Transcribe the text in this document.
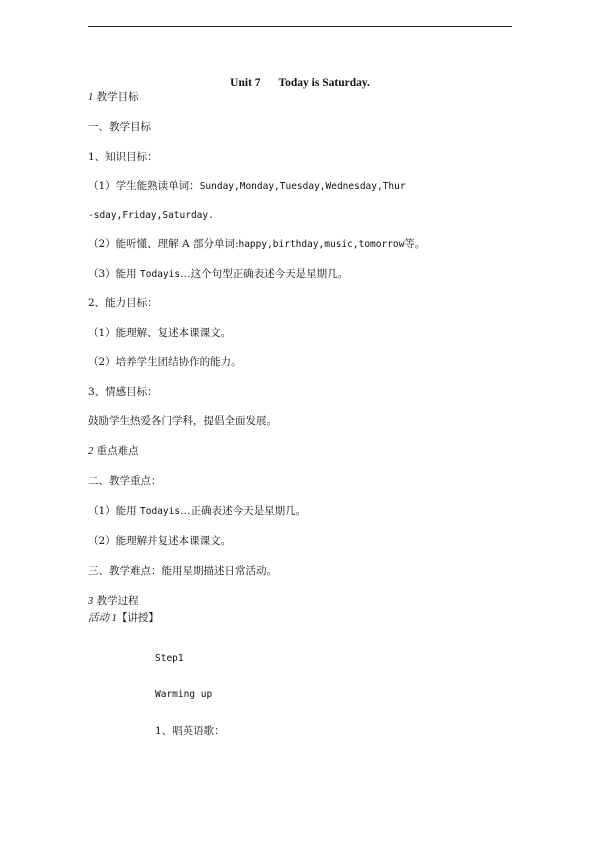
Unit 7 Today is Saturday.
1 教学目标
一、教学目标
1、知识目标：
（1）学生能熟读单词：Sunday,Monday,Tuesday,Wednesday,Thur
-sday,Friday,Saturday.
（2）能听懂、理解 A 部分单词:happy,birthday,music,tomorrow等。
（3）能用 Todayis…这个句型正确表述今天是星期几。
2、能力目标：
（1）能理解、复述本课课文。
（2）培养学生团结协作的能力。
3、情感目标：
鼓励学生热爱各门学科，提倡全面发展。
2 重点难点
二、教学重点：
（1）能用 Todayis…正确表述今天是星期几。
（2）能理解并复述本课课文。
三、教学难点：能用星期描述日常活动。
3 教学过程
活动 1【讲授】
Step1
Warming up
1、唱英语歌：
